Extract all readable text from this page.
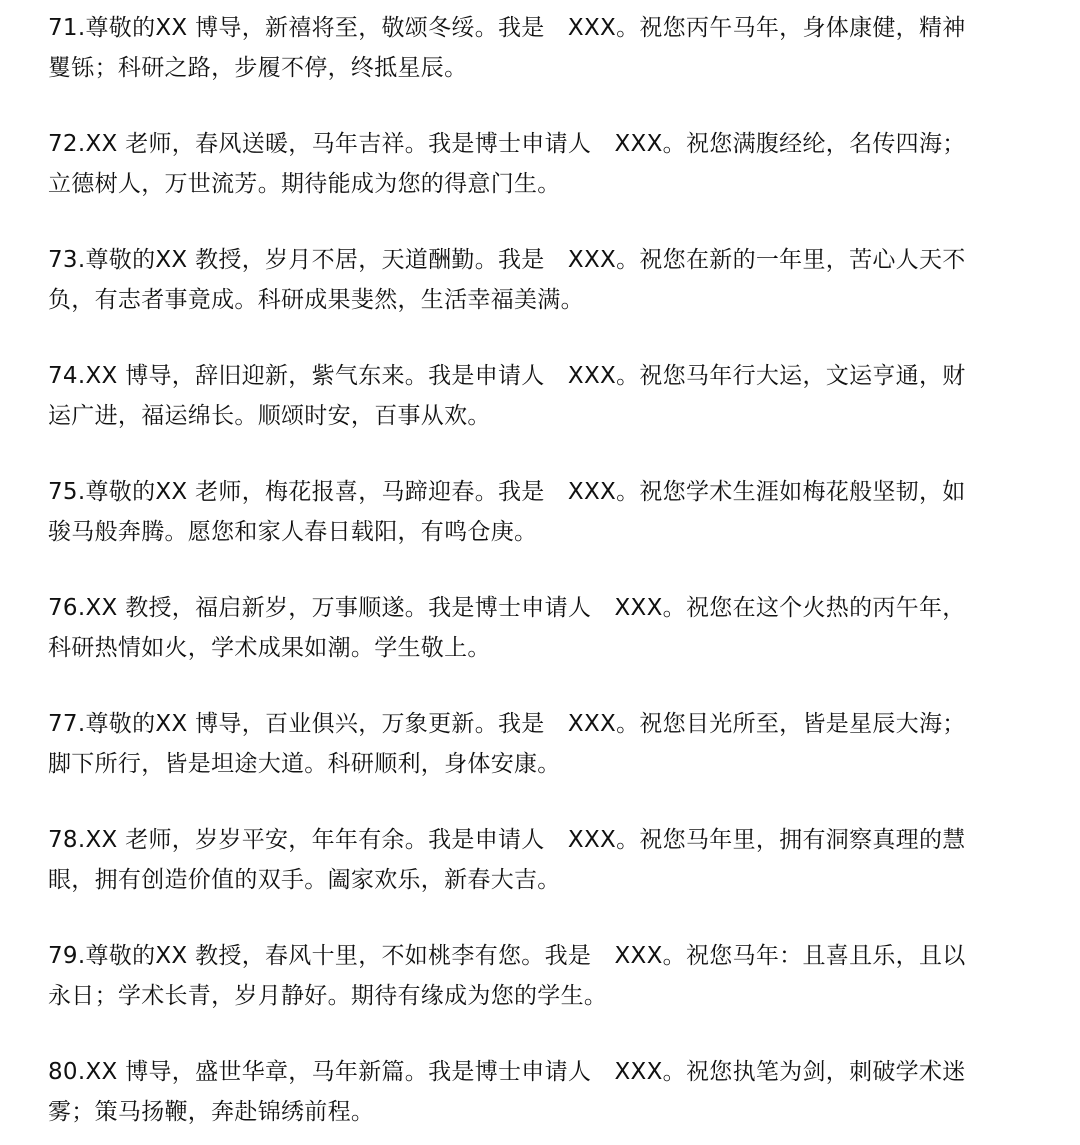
71.尊敬的XX 博导，新禧将至，敬颂冬绥。我是　XXX。祝您丙午马年，身体康健，精神
矍铄；科研之路，步履不停，终抵星辰。

72.XX 老师，春风送暖，马年吉祥。我是博士申请人　XXX。祝您满腹经纶，名传四海；
立德树人，万世流芳。期待能成为您的得意门生。

73.尊敬的XX 教授，岁月不居，天道酬勤。我是　XXX。祝您在新的一年里，苦心人天不
负，有志者事竟成。科研成果斐然，生活幸福美满。

74.XX 博导，辞旧迎新，紫气东来。我是申请人　XXX。祝您马年行大运，文运亨通，财
运广进，福运绵长。顺颂时安，百事从欢。

75.尊敬的XX 老师，梅花报喜，马蹄迎春。我是　XXX。祝您学术生涯如梅花般坚韧，如
骏马般奔腾。愿您和家人春日载阳，有鸣仓庚。

76.XX 教授，福启新岁，万事顺遂。我是博士申请人　XXX。祝您在这个火热的丙午年，
科研热情如火，学术成果如潮。学生敬上。

77.尊敬的XX 博导，百业俱兴，万象更新。我是　XXX。祝您目光所至，皆是星辰大海；
脚下所行，皆是坦途大道。科研顺利，身体安康。

78.XX 老师，岁岁平安，年年有余。我是申请人　XXX。祝您马年里，拥有洞察真理的慧
眼，拥有创造价值的双手。阖家欢乐，新春大吉。

79.尊敬的XX 教授，春风十里，不如桃李有您。我是　XXX。祝您马年：且喜且乐，且以
永日；学术长青，岁月静好。期待有缘成为您的学生。

80.XX 博导，盛世华章，马年新篇。我是博士申请人　XXX。祝您执笔为剑，刺破学术迷
雾；策马扬鞭，奔赴锦绣前程。
